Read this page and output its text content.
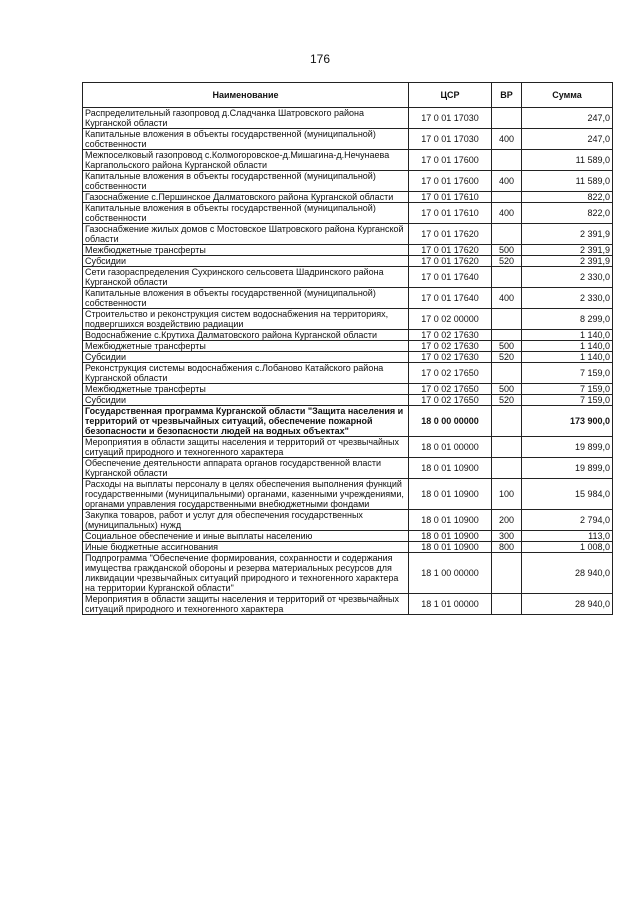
176
Наименование	ЦСР	ВР	Сумма
Распределительный газопровод д.Сладчанка Шатровского района Курганской области	17 0 01 17030		247,0
Капитальные вложения в объекты государственной (муниципальной) собственности	17 0 01 17030	400	247,0
Межпоселковый газопровод с.Колмогоровское-д.Мишагина-д.Нечунаева Каргапольского района Курганской области	17 0 01 17600		11 589,0
Капитальные вложения в объекты государственной (муниципальной) собственности	17 0 01 17600	400	11 589,0
Газоснабжение с.Першинское Далматовского района Курганской области	17 0 01 17610		822,0
Капитальные вложения в объекты государственной (муниципальной) собственности	17 0 01 17610	400	822,0
Газоснабжение жилых домов с Мостовское Шатровского района Курганской области	17 0 01 17620		2 391,9
Межбюджетные трансферты	17 0 01 17620	500	2 391,9
Субсидии	17 0 01 17620	520	2 391,9
Сети газораспределения Сухринского сельсовета Шадринского района Курганской области	17 0 01 17640		2 330,0
Капитальные вложения в объекты государственной (муниципальной) собственности	17 0 01 17640	400	2 330,0
Строительство и реконструкция систем водоснабжения на территориях, подвергшихся воздействию радиации	17 0 02 00000		8 299,0
Водоснабжение с.Крутиха Далматовского района Курганской области	17 0 02 17630		1 140,0
Межбюджетные трансферты	17 0 02 17630	500	1 140,0
Субсидии	17 0 02 17630	520	1 140,0
Реконструкция системы водоснабжения с.Лобаново Катайского района Курганской области	17 0 02 17650		7 159,0
Межбюджетные трансферты	17 0 02 17650	500	7 159,0
Субсидии	17 0 02 17650	520	7 159,0
Государственная программа Курганской области "Защита населения и территорий от чрезвычайных ситуаций, обеспечение пожарной безопасности и безопасности людей на водных объектах"	18 0 00 00000		173 900,0
Мероприятия в области защиты населения и территорий от чрезвычайных ситуаций природного и техногенного характера	18 0 01 00000		19 899,0
Обеспечение деятельности аппарата органов государственной власти Курганской области	18 0 01 10900		19 899,0
Расходы на выплаты персоналу в целях обеспечения выполнения функций государственными (муниципальными) органами, казенными учреждениями, органами управления государственными внебюджетными фондами	18 0 01 10900	100	15 984,0
Закупка товаров, работ и услуг для обеспечения государственных (муниципальных) нужд	18 0 01 10900	200	2 794,0
Социальное обеспечение и иные выплаты населению	18 0 01 10900	300	113,0
Иные бюджетные ассигнования	18 0 01 10900	800	1 008,0
Подпрограмма "Обеспечение формирования, сохранности и содержания имущества гражданской обороны и резерва материальных ресурсов для ликвидации чрезвычайных ситуаций природного и техногенного характера на территории Курганской области"	18 1 00 00000		28 940,0
Мероприятия в области защиты населения и территорий от чрезвычайных ситуаций природного и техногенного характера	18 1 01 00000		28 940,0
